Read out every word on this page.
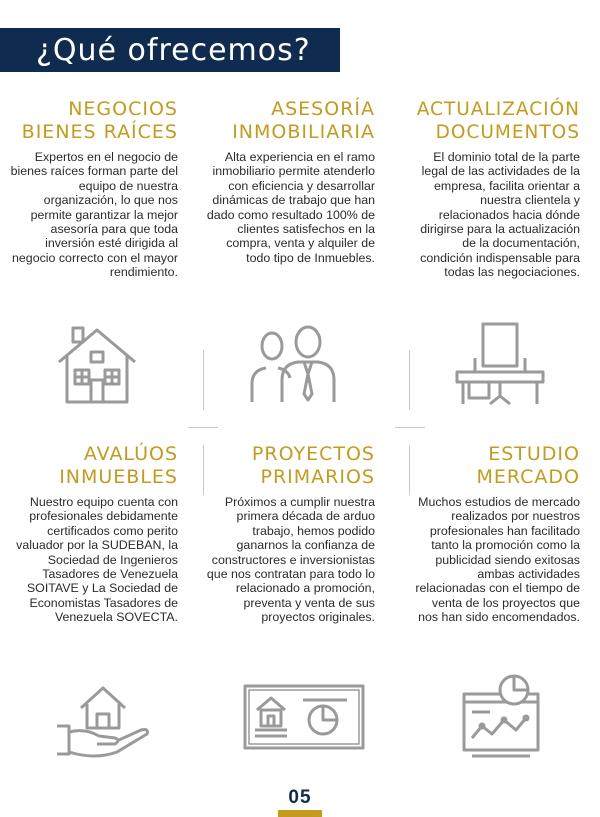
¿Qué ofrecemos?
NEGOCIOS
BIENES RAÍCES

Expertos en el negocio de bienes raíces forman parte del equipo de nuestra organización, lo que nos permite garantizar la mejor asesoría para que toda inversión esté dirigida al negocio correcto con el mayor rendimiento.

ASESORÍA
INMOBILIARIA

Alta experiencia en el ramo inmobiliario permite atenderlo con eficiencia y desarrollar dinámicas de trabajo que han dado como resultado 100% de clientes satisfechos en la compra, venta y alquiler de todo tipo de Inmuebles.

ACTUALIZACIÓN
DOCUMENTOS

El dominio total de la parte legal de las actividades de la empresa, facilita orientar a nuestra clientela y relacionados hacia dónde dirigirse para la actualización de la documentación, condición indispensable para todas las negociaciones.

AVALÚOS
INMUEBLES

Nuestro equipo cuenta con profesionales debidamente certificados como perito valuador por la SUDEBAN, la Sociedad de Ingenieros Tasadores de Venezuela SOITAVE y La Sociedad de Economistas Tasadores de Venezuela SOVECTA.

PROYECTOS
PRIMARIOS

Próximos a cumplir nuestra primera década de arduo trabajo, hemos podido ganarnos la confianza de constructores e inversionistas que nos contratan para todo lo relacionado a promoción, preventa y venta de sus proyectos originales.

ESTUDIO
MERCADO

Muchos estudios de mercado realizados por nuestros profesionales han facilitado tanto la promoción como la publicidad siendo exitosas ambas actividades relacionadas con el tiempo de venta de los proyectos que nos han sido encomendados.

05
